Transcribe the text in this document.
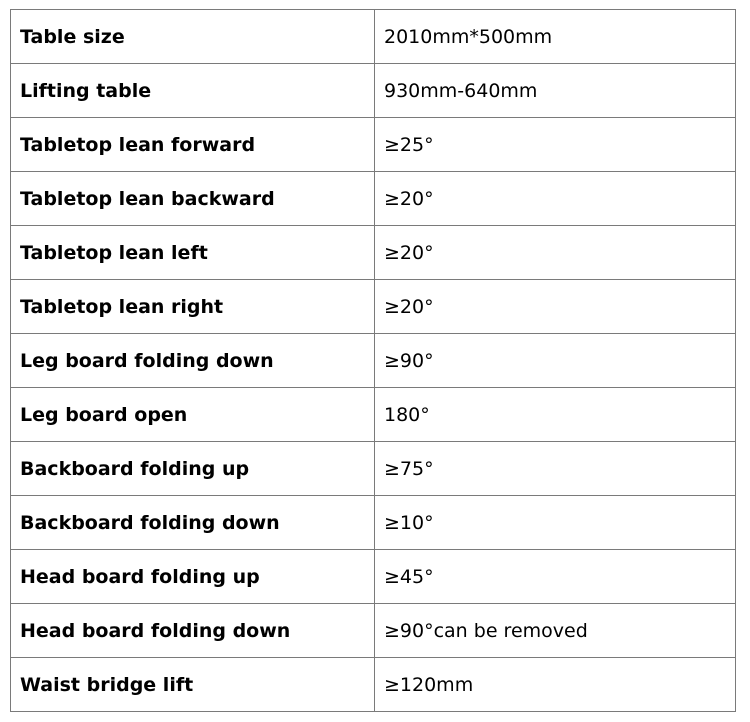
Table size	2010mm*500mm
Lifting table	930mm-640mm
Tabletop lean forward	≥25°
Tabletop lean backward	≥20°
Tabletop lean left	≥20°
Tabletop lean right	≥20°
Leg board folding down	≥90°
Leg board open	180°
Backboard folding up	≥75°
Backboard folding down	≥10°
Head board folding up	≥45°
Head board folding down	≥90°can be removed
Waist bridge lift	≥120mm
